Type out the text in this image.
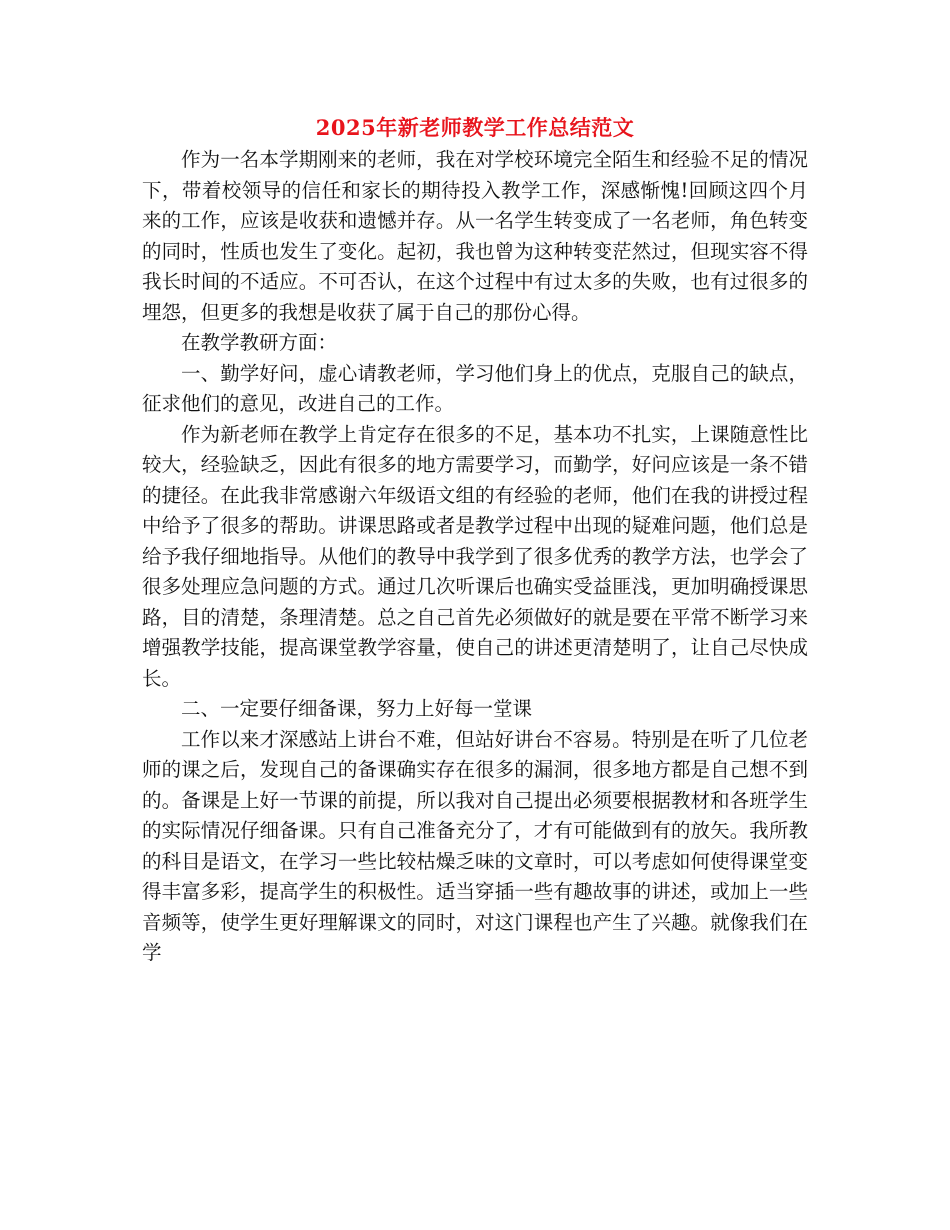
2025年新老师教学工作总结范文

作为一名本学期刚来的老师，我在对学校环境完全陌生和经验不足的情况下，带着校领导的信任和家长的期待投入教学工作，深感惭愧!回顾这四个月来的工作，应该是收获和遗憾并存。从一名学生转变成了一名老师，角色转变的同时，性质也发生了变化。起初，我也曾为这种转变茫然过，但现实容不得我长时间的不适应。不可否认，在这个过程中有过太多的失败，也有过很多的埋怨，但更多的我想是收获了属于自己的那份心得。

在教学教研方面：

一、勤学好问，虚心请教老师，学习他们身上的优点，克服自己的缺点，征求他们的意见，改进自己的工作。

作为新老师在教学上肯定存在很多的不足，基本功不扎实，上课随意性比较大，经验缺乏，因此有很多的地方需要学习，而勤学，好问应该是一条不错的捷径。在此我非常感谢六年级语文组的有经验的老师，他们在我的讲授过程中给予了很多的帮助。讲课思路或者是教学过程中出现的疑难问题，他们总是给予我仔细地指导。从他们的教导中我学到了很多优秀的教学方法，也学会了很多处理应急问题的方式。通过几次听课后也确实受益匪浅，更加明确授课思路，目的清楚，条理清楚。总之自己首先必须做好的就是要在平常不断学习来增强教学技能，提高课堂教学容量，使自己的讲述更清楚明了，让自己尽快成长。

二、一定要仔细备课，努力上好每一堂课

工作以来才深感站上讲台不难，但站好讲台不容易。特别是在听了几位老师的课之后，发现自己的备课确实存在很多的漏洞，很多地方都是自己想不到的。备课是上好一节课的前提，所以我对自己提出必须要根据教材和各班学生的实际情况仔细备课。只有自己准备充分了，才有可能做到有的放矢。我所教的科目是语文，在学习一些比较枯燥乏味的文章时，可以考虑如何使得课堂变得丰富多彩，提高学生的积极性。适当穿插一些有趣故事的讲述，或加上一些音频等，使学生更好理解课文的同时，对这门课程也产生了兴趣。就像我们在学
